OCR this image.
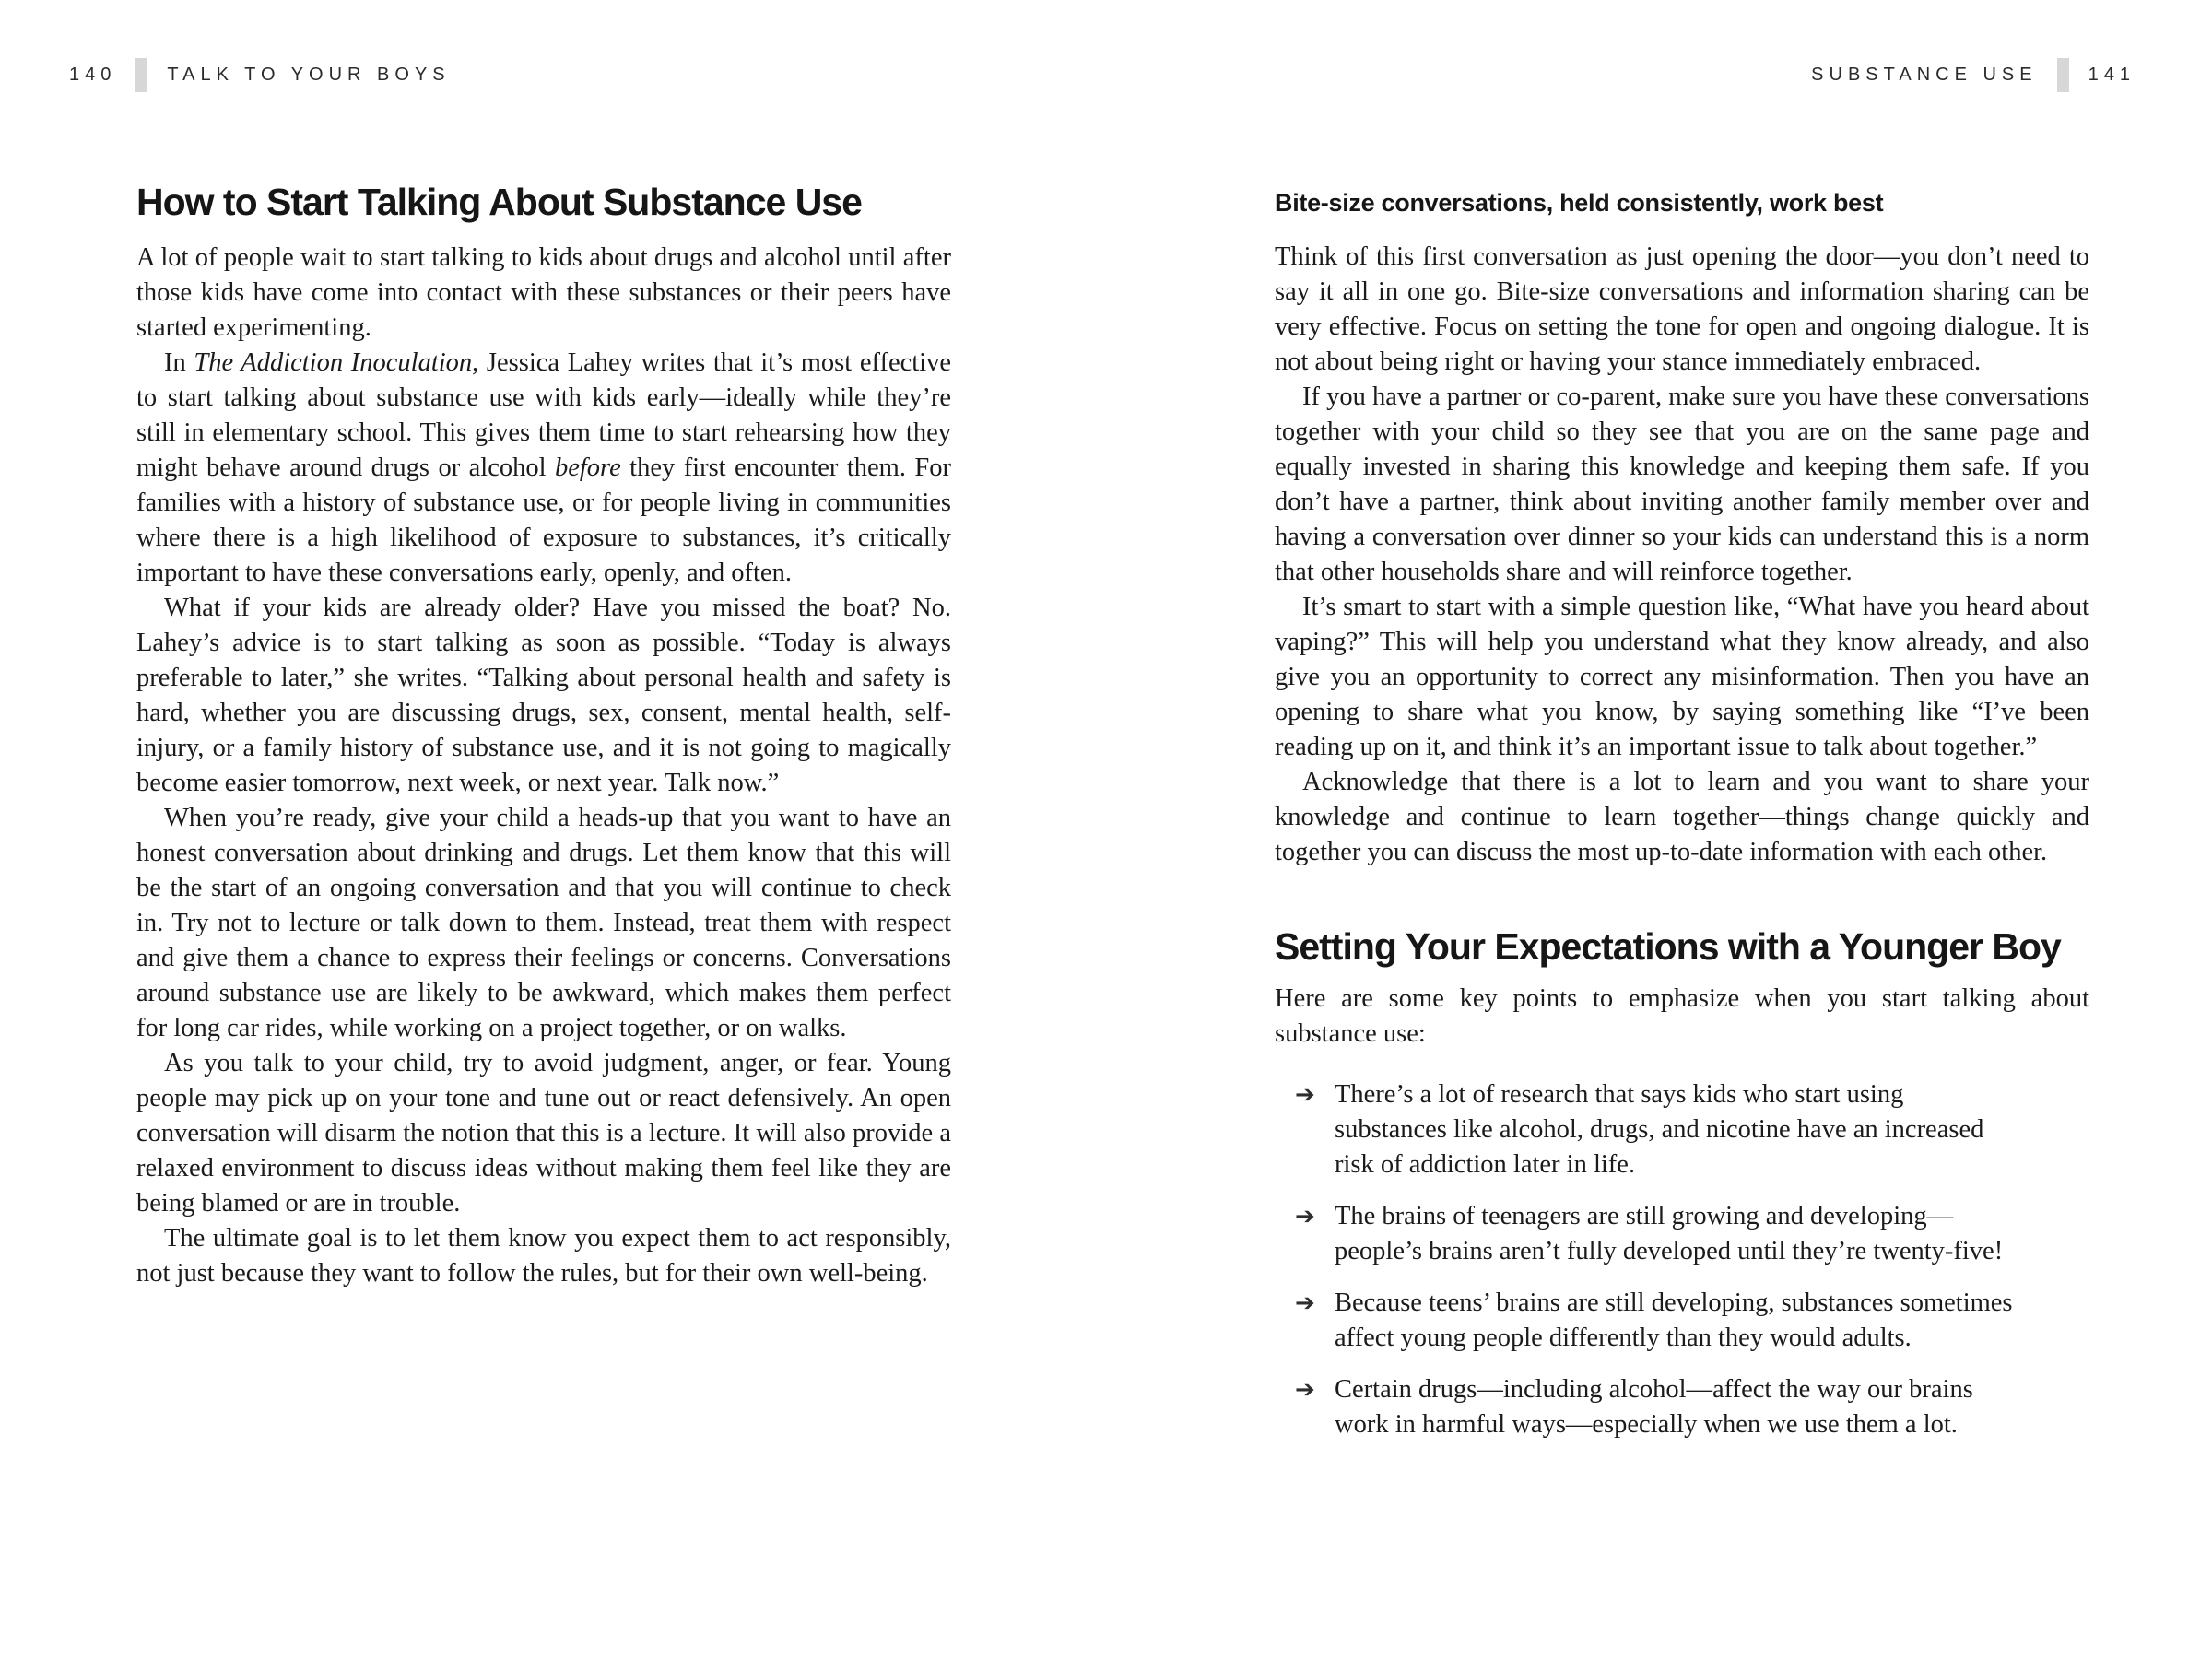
140	TALK TO YOUR BOYS	SUBSTANCE USE	141
How to Start Talking About Substance Use

A lot of people wait to start talking to kids about drugs and alcohol until after those kids have come into contact with these substances or their peers have started experimenting.

In The Addiction Inoculation, Jessica Lahey writes that it’s most effective to start talking about substance use with kids early—ideally while they’re still in elementary school. This gives them time to start rehearsing how they might behave around drugs or alcohol before they first encounter them. For families with a history of substance use, or for people living in communities where there is a high likelihood of exposure to substances, it’s critically important to have these conversations early, openly, and often.

What if your kids are already older? Have you missed the boat? No. Lahey’s advice is to start talking as soon as possible. “Today is always preferable to later,” she writes. “Talking about personal health and safety is hard, whether you are discussing drugs, sex, consent, mental health, self-injury, or a family history of substance use, and it is not going to magically become easier tomorrow, next week, or next year. Talk now.”

When you’re ready, give your child a heads-up that you want to have an honest conversation about drinking and drugs. Let them know that this will be the start of an ongoing conversation and that you will continue to check in. Try not to lecture or talk down to them. Instead, treat them with respect and give them a chance to express their feelings or concerns. Conversations around substance use are likely to be awkward, which makes them perfect for long car rides, while working on a project together, or on walks.

As you talk to your child, try to avoid judgment, anger, or fear. Young people may pick up on your tone and tune out or react defensively. An open conversation will disarm the notion that this is a lecture. It will also provide a relaxed environment to discuss ideas without making them feel like they are being blamed or are in trouble.

The ultimate goal is to let them know you expect them to act responsibly, not just because they want to follow the rules, but for their own well-being.

Bite-size conversations, held consistently, work best

Think of this first conversation as just opening the door—you don’t need to say it all in one go. Bite-size conversations and information sharing can be very effective. Focus on setting the tone for open and ongoing dialogue. It is not about being right or having your stance immediately embraced.

If you have a partner or co-parent, make sure you have these conversations together with your child so they see that you are on the same page and equally invested in sharing this knowledge and keeping them safe. If you don’t have a partner, think about inviting another family member over and having a conversation over dinner so your kids can understand this is a norm that other households share and will reinforce together.

It’s smart to start with a simple question like, “What have you heard about vaping?” This will help you understand what they know already, and also give you an opportunity to correct any misinformation. Then you have an opening to share what you know, by saying something like “I’ve been reading up on it, and think it’s an important issue to talk about together.”

Acknowledge that there is a lot to learn and you want to share your knowledge and continue to learn together—things change quickly and together you can discuss the most up-to-date information with each other.

Setting Your Expectations with a Younger Boy

Here are some key points to emphasize when you start talking about substance use:

➔ There’s a lot of research that says kids who start using substances like alcohol, drugs, and nicotine have an increased risk of addiction later in life.
➔ The brains of teenagers are still growing and developing—people’s brains aren’t fully developed until they’re twenty-five!
➔ Because teens’ brains are still developing, substances sometimes affect young people differently than they would adults.
➔ Certain drugs—including alcohol—affect the way our brains work in harmful ways—especially when we use them a lot.
